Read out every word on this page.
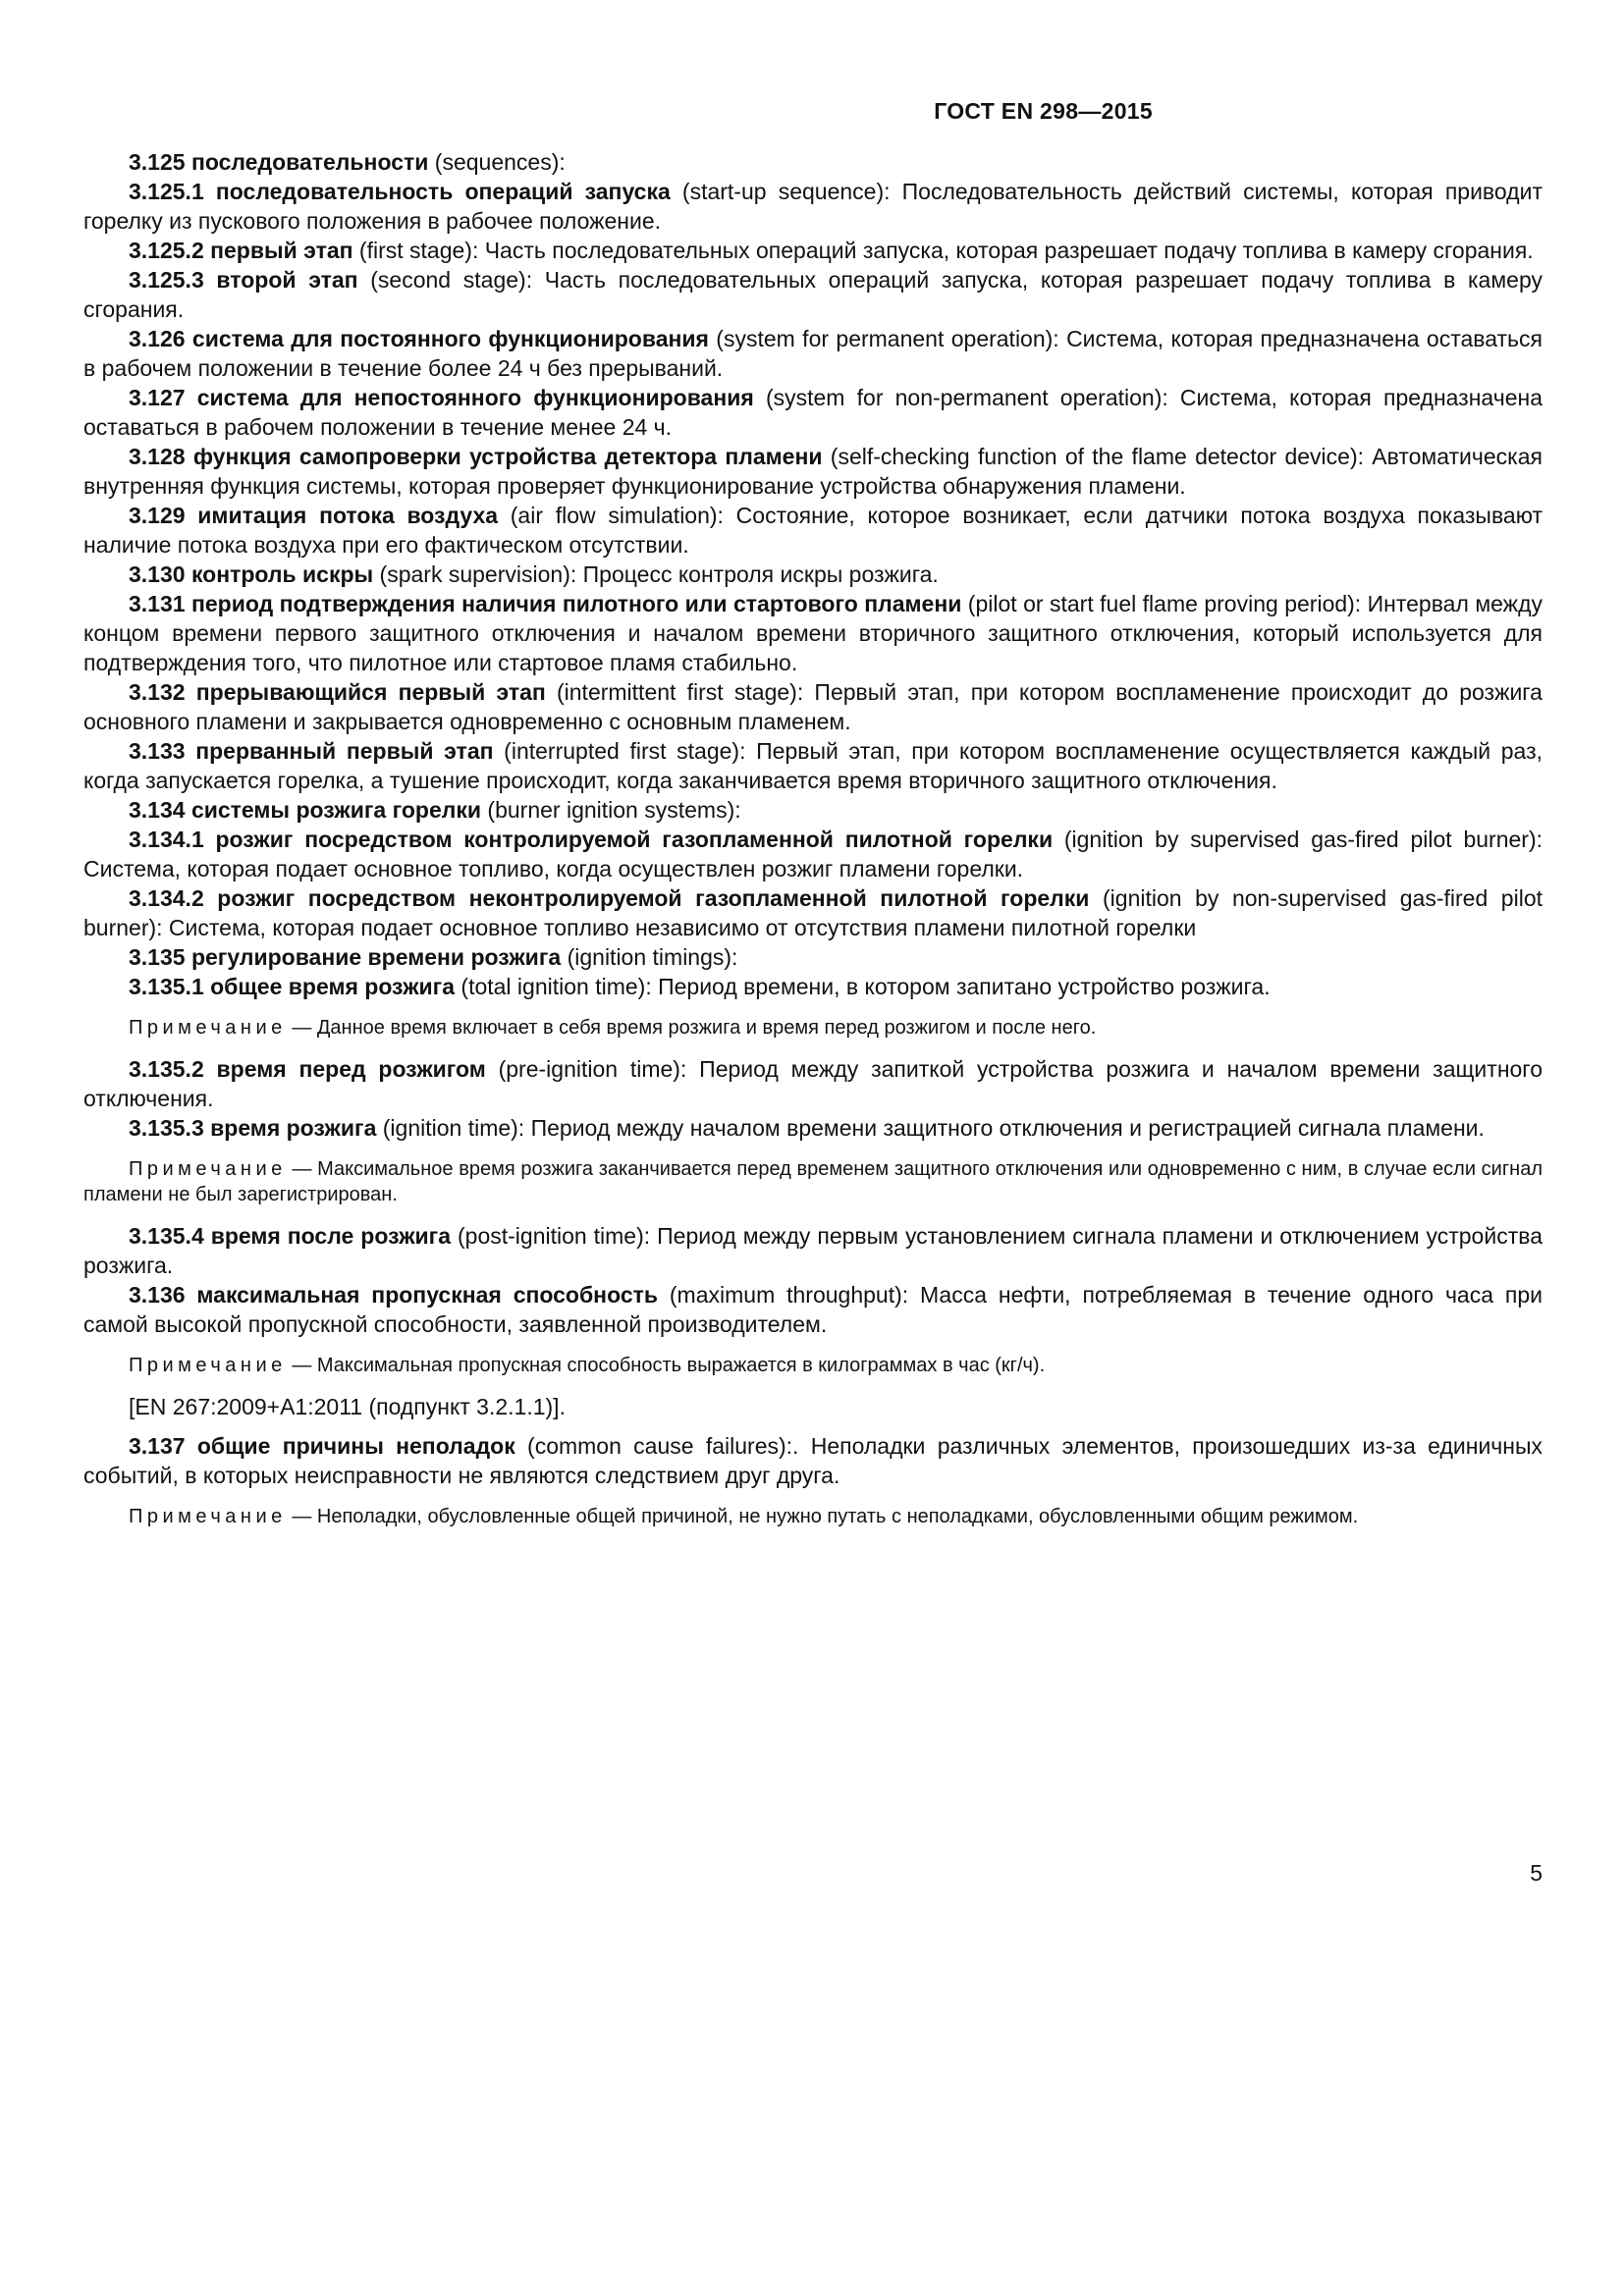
ГОСТ EN 298—2015

3.125 последовательности (sequences):

3.125.1 последовательность операций запуска (start-up sequence): Последовательность действий системы, которая приводит горелку из пускового положения в рабочее положение.

3.125.2 первый этап (first stage): Часть последовательных операций запуска, которая разрешает подачу топлива в камеру сгорания.

3.125.3 второй этап (second stage): Часть последовательных операций запуска, которая разрешает подачу топлива в камеру сгорания.

3.126 система для постоянного функционирования (system for permanent operation): Система, которая предназначена оставаться в рабочем положении в течение более 24 ч без прерываний.

3.127 система для непостоянного функционирования (system for non-permanent operation): Система, которая предназначена оставаться в рабочем положении в течение менее 24 ч.

3.128 функция самопроверки устройства детектора пламени (self-checking function of the flame detector device): Автоматическая внутренняя функция системы, которая проверяет функционирование устройства обнаружения пламени.

3.129 имитация потока воздуха (air flow simulation): Состояние, которое возникает, если датчики потока воздуха показывают наличие потока воздуха при его фактическом отсутствии.

3.130 контроль искры (spark supervision): Процесс контроля искры розжига.

3.131 период подтверждения наличия пилотного или стартового пламени (pilot or start fuel flame proving period): Интервал между концом времени первого защитного отключения и началом времени вторичного защитного отключения, который используется для подтверждения того, что пилотное или стартовое пламя стабильно.

3.132 прерывающийся первый этап (intermittent first stage): Первый этап, при котором воспламенение происходит до розжига основного пламени и закрывается одновременно с основным пламенем.

3.133 прерванный первый этап (interrupted first stage): Первый этап, при котором воспламенение осуществляется каждый раз, когда запускается горелка, а тушение происходит, когда заканчивается время вторичного защитного отключения.

3.134 системы розжига горелки (burner ignition systems):

3.134.1 розжиг посредством контролируемой газопламенной пилотной горелки (ignition by supervised gas-fired pilot burner): Система, которая подает основное топливо, когда осуществлен розжиг пламени горелки.

3.134.2 розжиг посредством неконтролируемой газопламенной пилотной горелки (ignition by non-supervised gas-fired pilot burner): Система, которая подает основное топливо независимо от отсутствия пламени пилотной горелки

3.135 регулирование времени розжига (ignition timings):

3.135.1 общее время розжига (total ignition time): Период времени, в котором запитано устройство розжига.

Примечание — Данное время включает в себя время розжига и время перед розжигом и после него.

3.135.2 время перед розжигом (pre-ignition time): Период между запиткой устройства розжига и началом времени защитного отключения.

3.135.3 время розжига (ignition time): Период между началом времени защитного отключения и регистрацией сигнала пламени.

Примечание — Максимальное время розжига заканчивается перед временем защитного отключения или одновременно с ним, в случае если сигнал пламени не был зарегистрирован.

3.135.4 время после розжига (post-ignition time): Период между первым установлением сигнала пламени и отключением устройства розжига.

3.136 максимальная пропускная способность (maximum throughput): Масса нефти, потребляемая в течение одного часа при самой высокой пропускной способности, заявленной производителем.

Примечание — Максимальная пропускная способность выражается в килограммах в час (кг/ч).

[EN 267:2009+A1:2011 (подпункт 3.2.1.1)].

3.137 общие причины неполадок (common cause failures):. Неполадки различных элементов, произошедших из-за единичных событий, в которых неисправности не являются следствием друг друга.

Примечание — Неполадки, обусловленные общей причиной, не нужно путать с неполадками, обусловленными общим режимом.

5
